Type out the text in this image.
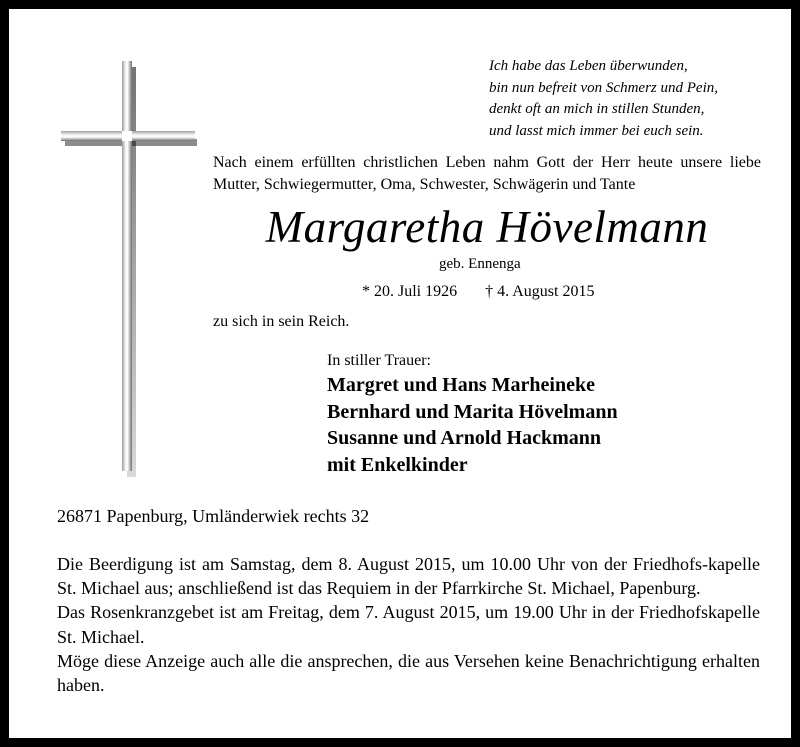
Ich habe das Leben überwunden,
bin nun befreit von Schmerz und Pein,
denkt oft an mich in stillen Stunden,
und lasst mich immer bei euch sein.
Nach einem erfüllten christlichen Leben nahm Gott der Herr heute unsere liebe Mutter, Schwiegermutter, Oma, Schwester, Schwägerin und Tante
Margaretha Hövelmann
geb. Ennenga
* 20. Juli 1926 † 4. August 2015
zu sich in sein Reich.
In stiller Trauer:
Margret und Hans Marheineke
Bernhard und Marita Hövelmann
Susanne und Arnold Hackmann
mit Enkelkinder
26871 Papenburg, Umländerwiek rechts 32

Die Beerdigung ist am Samstag, dem 8. August 2015, um 10.00 Uhr von der Friedhofs-kapelle St. Michael aus; anschließend ist das Requiem in der Pfarrkirche St. Michael, Papenburg.

Das Rosenkranzgebet ist am Freitag, dem 7. August 2015, um 19.00 Uhr in der Friedhofskapelle St. Michael.

Möge diese Anzeige auch alle die ansprechen, die aus Versehen keine Benachrichtigung erhalten haben.
